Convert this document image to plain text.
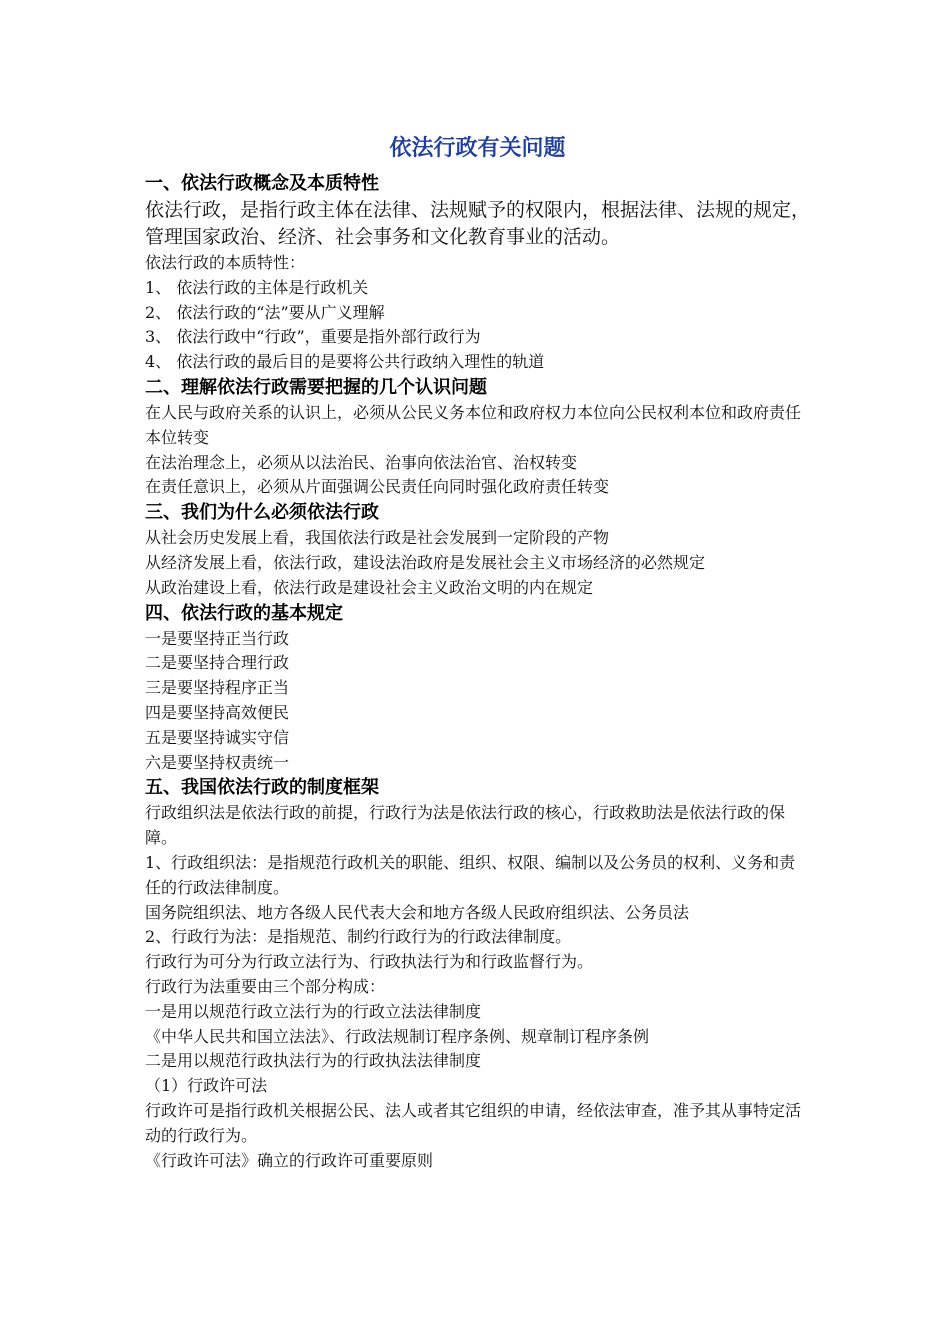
依法行政有关问题
一、依法行政概念及本质特性

依法行政，是指行政主体在法律、法规赋予的权限内，根据法律、法规的规定，管理国家政治、经济、社会事务和文化教育事业的活动。

依法行政的本质特性：

1、 依法行政的主体是行政机关

2、 依法行政的“法”要从广义理解

3、 依法行政中“行政”，重要是指外部行政行为

4、 依法行政的最后目的是要将公共行政纳入理性的轨道

二、理解依法行政需要把握的几个认识问题

在人民与政府关系的认识上，必须从公民义务本位和政府权力本位向公民权利本位和政府责任本位转变

在法治理念上，必须从以法治民、治事向依法治官、治权转变

在责任意识上，必须从片面强调公民责任向同时强化政府责任转变

三、我们为什么必须依法行政

从社会历史发展上看，我国依法行政是社会发展到一定阶段的产物

从经济发展上看，依法行政，建设法治政府是发展社会主义市场经济的必然规定

从政治建设上看，依法行政是建设社会主义政治文明的内在规定

四、依法行政的基本规定

一是要坚持正当行政

二是要坚持合理行政

三是要坚持程序正当

四是要坚持高效便民

五是要坚持诚实守信

六是要坚持权责统一

五、我国依法行政的制度框架

行政组织法是依法行政的前提，行政行为法是依法行政的核心，行政救助法是依法行政的保障。

1、行政组织法：是指规范行政机关的职能、组织、权限、编制以及公务员的权利、义务和责任的行政法律制度。

国务院组织法、地方各级人民代表大会和地方各级人民政府组织法、公务员法

2、行政行为法：是指规范、制约行政行为的行政法律制度。

行政行为可分为行政立法行为、行政执法行为和行政监督行为。

行政行为法重要由三个部分构成：

一是用以规范行政立法行为的行政立法法律制度

《中华人民共和国立法法》、行政法规制订程序条例、规章制订程序条例

二是用以规范行政执法行为的行政执法法律制度

（1）行政许可法

行政许可是指行政机关根据公民、法人或者其它组织的申请，经依法审查，准予其从事特定活动的行政行为。

《行政许可法》确立的行政许可重要原则
